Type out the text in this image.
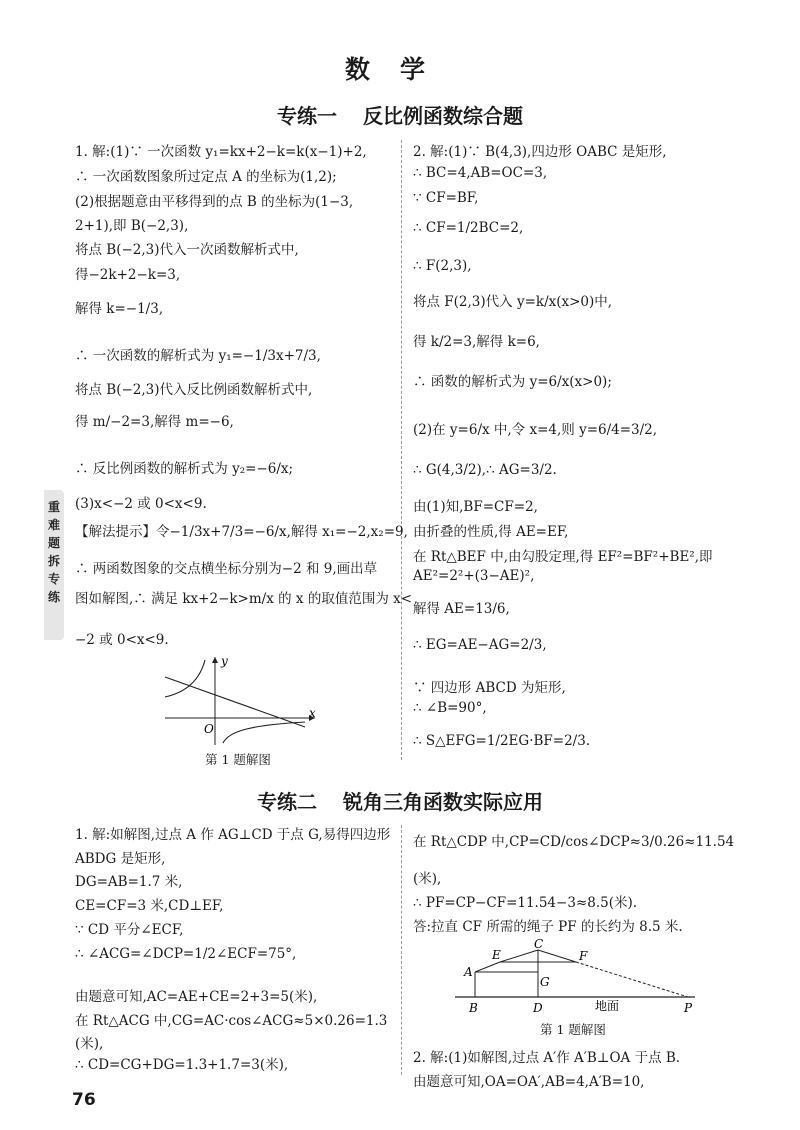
数学
专练一 反比例函数综合题
1. 解:(1)∵ 一次函数 y₁=kx+2−k=k(x−1)+2,
∴ 一次函数图象所过定点 A 的坐标为(1,2);
(2)根据题意由平移得到的点 B 的坐标为(1−3,
2+1),即 B(−2,3),
将点 B(−2,3)代入一次函数解析式中,
得−2k+2−k=3,
解得 k=−1/3,
∴ 一次函数的解析式为 y₁=−1/3x+7/3,
将点 B(−2,3)代入反比例函数解析式中,
得 m/−2=3,解得 m=−6,
∴ 反比例函数的解析式为 y₂=−6/x;
(3)x<−2 或 0<x<9.
【解法提示】令−1/3x+7/3=−6/x,解得 x₁=−2,x₂=9,
∴ 两函数图象的交点横坐标分别为−2 和 9,画出草
图如解图,∴ 满足 kx+2−k>m/x 的 x 的取值范围为 x<
−2 或 0<x<9.
2. 解:(1)∵ B(4,3),四边形 OABC 是矩形,
∴ BC=4,AB=OC=3,
∵ CF=BF,
∴ CF=1/2BC=2,
∴ F(2,3),
将点 F(2,3)代入 y=k/x(x>0)中,
得 k/2=3,解得 k=6,
∴ 函数的解析式为 y=6/x(x>0);
(2)在 y=6/x 中,令 x=4,则 y=6/4=3/2,
∴ G(4,3/2),∴ AG=3/2.
由(1)知,BF=CF=2,
由折叠的性质,得 AE=EF,
在 Rt△BEF 中,由勾股定理,得 EF²=BF²+BE²,即
AE²=2²+(3−AE)²,
解得 AE=13/6,
∴ EG=AE−AG=2/3,
∵ 四边形 ABCD 为矩形,
∴ ∠B=90°,
∴ S△EFG=1/2EG·BF=2/3.
y
x
O
第 1 题解图
专练二 锐角三角函数实际应用
1. 解:如解图,过点 A 作 AG⊥CD 于点 G,易得四边形
ABDG 是矩形,
DG=AB=1.7 米,
CE=CF=3 米,CD⊥EF,
∵ CD 平分∠ECF,
∴ ∠ACG=∠DCP=1/2∠ECF=75°,
由题意可知,AC=AE+CE=2+3=5(米),
在 Rt△ACG 中,CG=AC·cos∠ACG≈5×0.26=1.3
(米),
∴ CD=CG+DG=1.3+1.7=3(米),
在 Rt△CDP 中,CP=CD/cos∠DCP≈3/0.26≈11.54
(米),
∴ PF=CP−CF=11.54−3≈8.5(米).
答:拉直 CF 所需的绳子 PF 的长约为 8.5 米.
2. 解:(1)如解图,过点 A′作 A′B⊥OA 于点 B.
由题意可知,OA=OA′,AB=4,A′B=10,
A
B
C
D
E	F
G
P
地面
第 1 题解图
重难题拆专练
76
